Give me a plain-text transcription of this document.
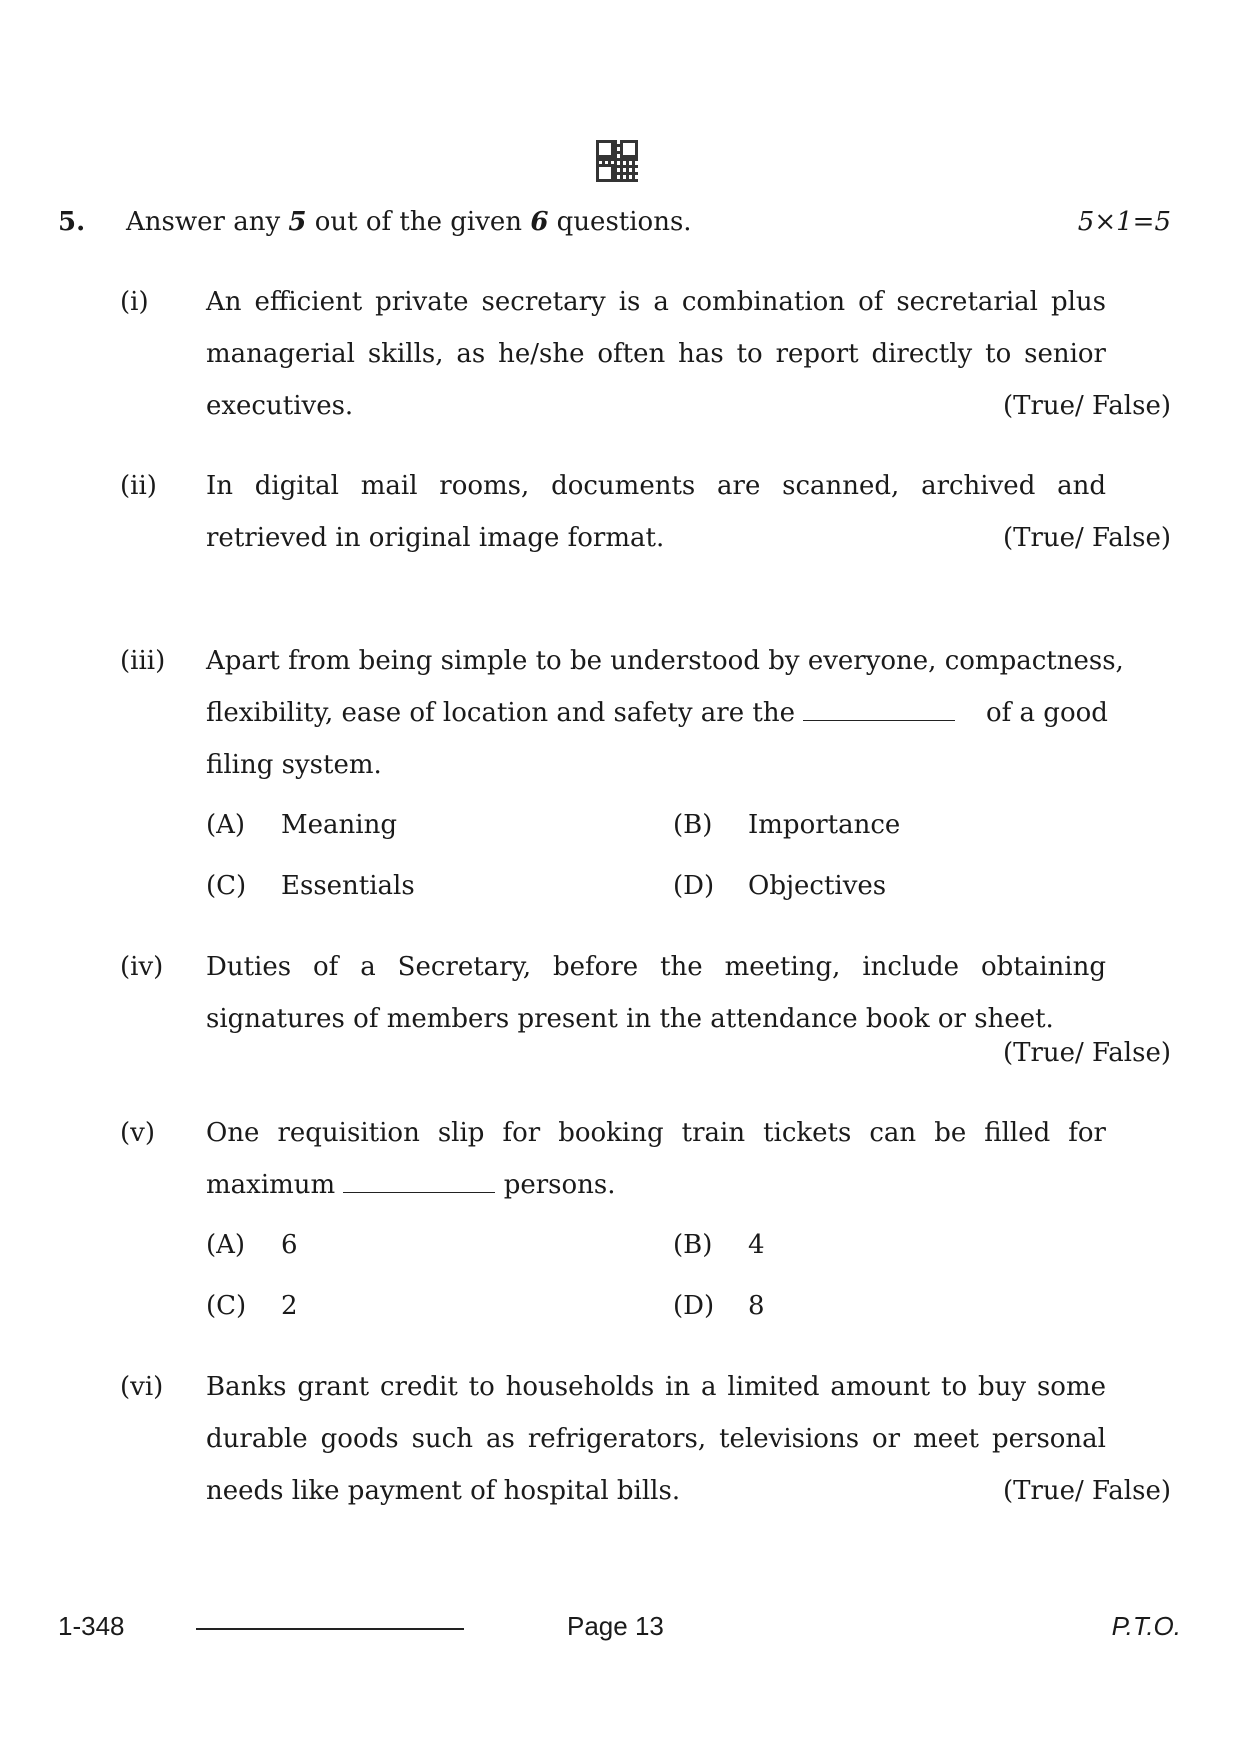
5. Answer any 5 out of the given 6 questions.	5×1=5
(i) An efficient private secretary is a combination of secretarial plus
managerial skills, as he/she often has to report directly to senior
executives.	(True/ False)
(ii) In digital mail rooms, documents are scanned, archived and
retrieved in original image format.	(True/ False)
(iii) Apart from being simple to be understood by everyone, compactness,
flexibility, ease of location and safety are the	of a good
filing system.
(A) Meaning	(B) Importance
(C) Essentials	(D) Objectives
(iv) Duties of a Secretary, before the meeting, include obtaining
signatures of members present in the attendance book or sheet.
(True/ False)
(v) One requisition slip for booking train tickets can be filled for
maximum	persons.
(A) 6	(B) 4
(C) 2	(D) 8
(vi) Banks grant credit to households in a limited amount to buy some
durable goods such as refrigerators, televisions or meet personal
needs like payment of hospital bills.	(True/ False)
1-348	Page 13	P.T.O.
